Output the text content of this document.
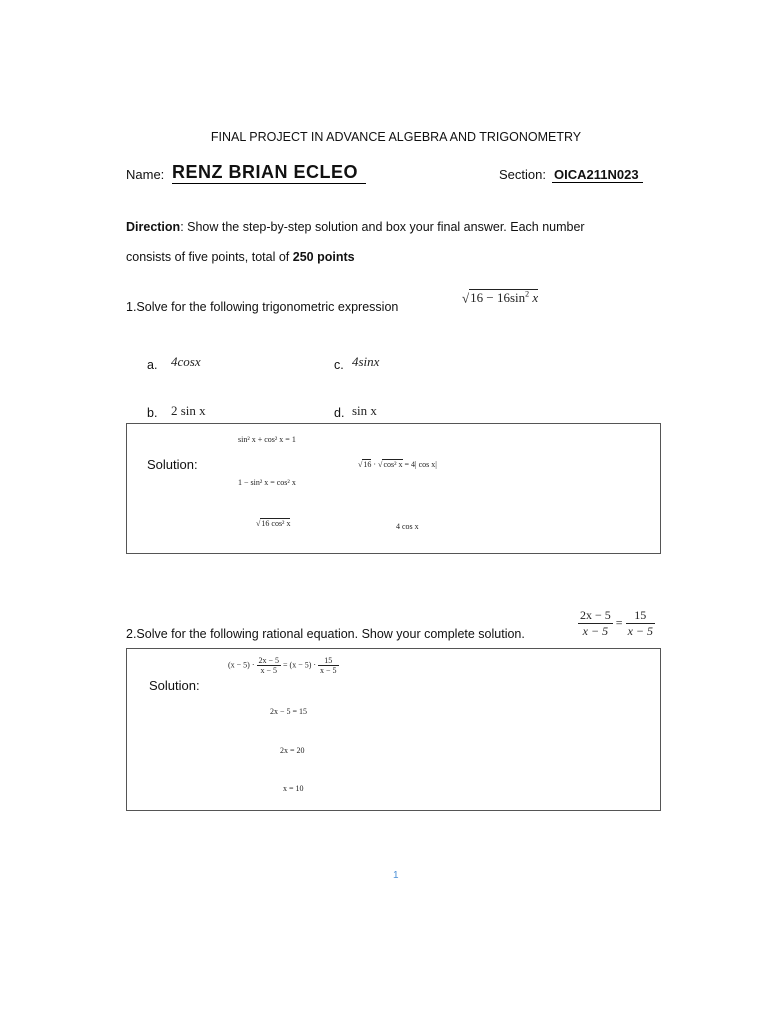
FINAL PROJECT IN ADVANCE ALGEBRA AND TRIGONOMETRY
Name: RENZ BRIAN ECLEO	Section: OICA211N023
Direction: Show the step-by-step solution and box your final answer. Each number
consists of five points, total of 250 points
1.Solve for the following trigonometric expression
$√16 - 16\sin^2$ x
a. 4cosx	c. 4sinx
b. 2 sin x	d. sin x
Solution:
sin² x + cos² x = 1
1 − sin² x = cos² x
√16 cos² x
√16 · √cos² x = 4| cos x|
4 cos x
2.Solve for the following rational equation. Show your complete solution.	$\frac{2x - 5}{x - 5} = \frac{15}{x - 5}$
Solution:
$(x - 5) \cdot \frac{2x - 5}{x - 5} = (x - 5) \cdot \frac{15}{x - 5}$
2x − 5 = 15
2x = 20
x = 10
1
